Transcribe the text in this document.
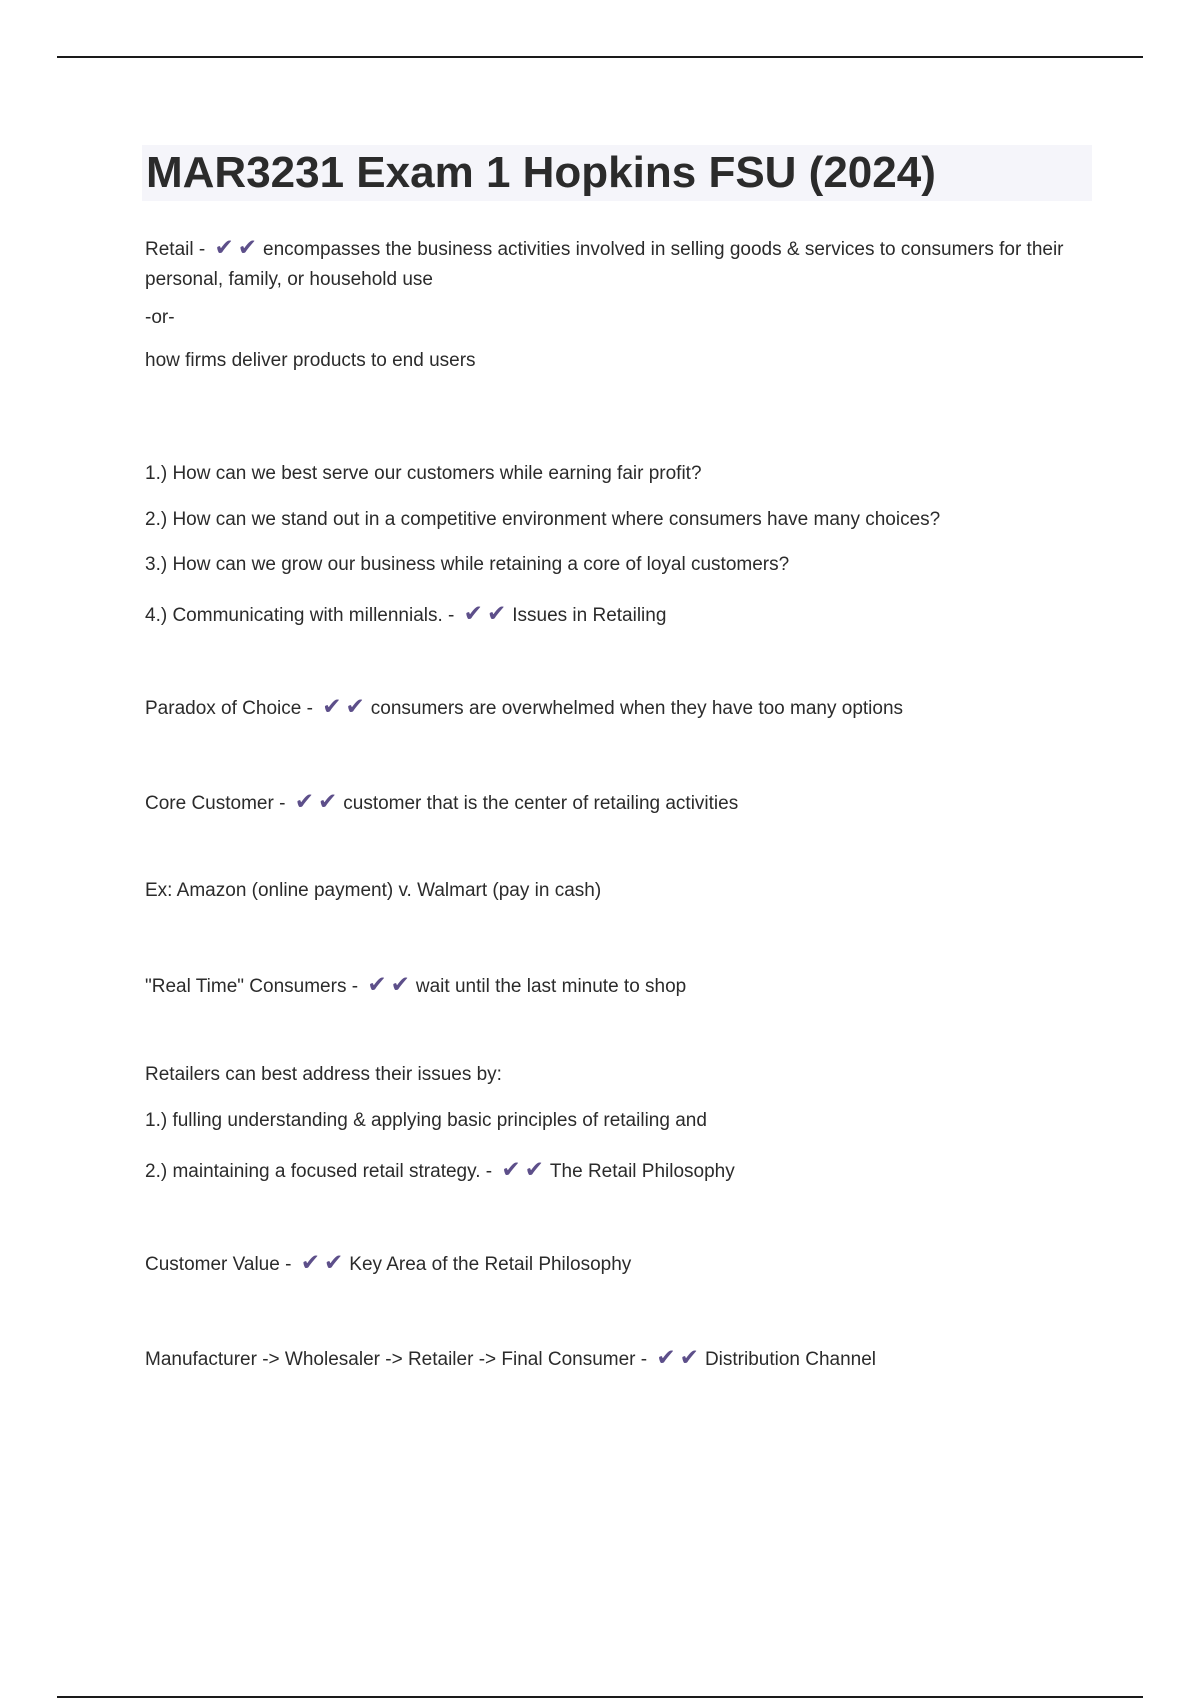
MAR3231 Exam 1 Hopkins FSU (2024)
Retail - ✔✔ encompasses the business activities involved in selling goods & services to consumers for their personal, family, or household use
-or-
how firms deliver products to end users
1.) How can we best serve our customers while earning fair profit?
2.) How can we stand out in a competitive environment where consumers have many choices?
3.) How can we grow our business while retaining a core of loyal customers?
4.) Communicating with millennials. - ✔✔ Issues in Retailing
Paradox of Choice - ✔✔ consumers are overwhelmed when they have too many options
Core Customer - ✔✔ customer that is the center of retailing activities
Ex: Amazon (online payment) v. Walmart (pay in cash)
"Real Time" Consumers - ✔✔ wait until the last minute to shop
Retailers can best address their issues by:
1.) fulling understanding & applying basic principles of retailing and
2.) maintaining a focused retail strategy. - ✔✔ The Retail Philosophy
Customer Value - ✔✔ Key Area of the Retail Philosophy
Manufacturer -> Wholesaler -> Retailer -> Final Consumer - ✔✔ Distribution Channel
